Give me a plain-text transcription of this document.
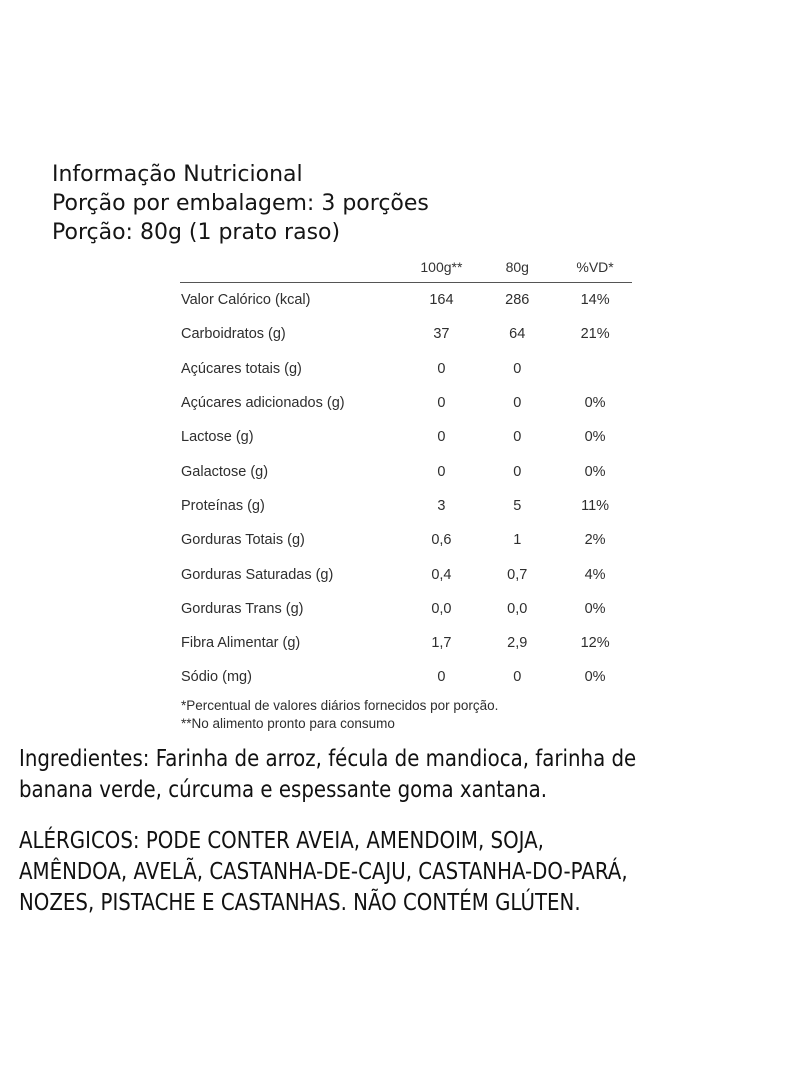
Informação Nutricional
Porção por embalagem: 3 porções
Porção: 80g (1 prato raso)
100g**	80g	%VD*
Valor Calórico (kcal)	164	286	14%
Carboidratos (g)	37	64	21%
Açúcares totais (g)	0	0
Açúcares adicionados (g)	0	0	0%
Lactose (g)	0	0	0%
Galactose (g)	0	0	0%
Proteínas (g)	3	5	11%
Gorduras Totais (g)	0,6	1	2%
Gorduras Saturadas (g)	0,4	0,7	4%
Gorduras Trans (g)	0,0	0,0	0%
Fibra Alimentar (g)	1,7	2,9	12%
Sódio (mg)	0	0	0%
*Percentual de valores diários fornecidos por porção.
**No alimento pronto para consumo
Ingredientes: Farinha de arroz, fécula de mandioca, farinha de
banana verde, cúrcuma e espessante goma xantana.
ALÉRGICOS: PODE CONTER AVEIA, AMENDOIM, SOJA,
AMÊNDOA, AVELÃ, CASTANHA-DE-CAJU, CASTANHA-DO-PARÁ,
NOZES, PISTACHE E CASTANHAS. NÃO CONTÉM GLÚTEN.
